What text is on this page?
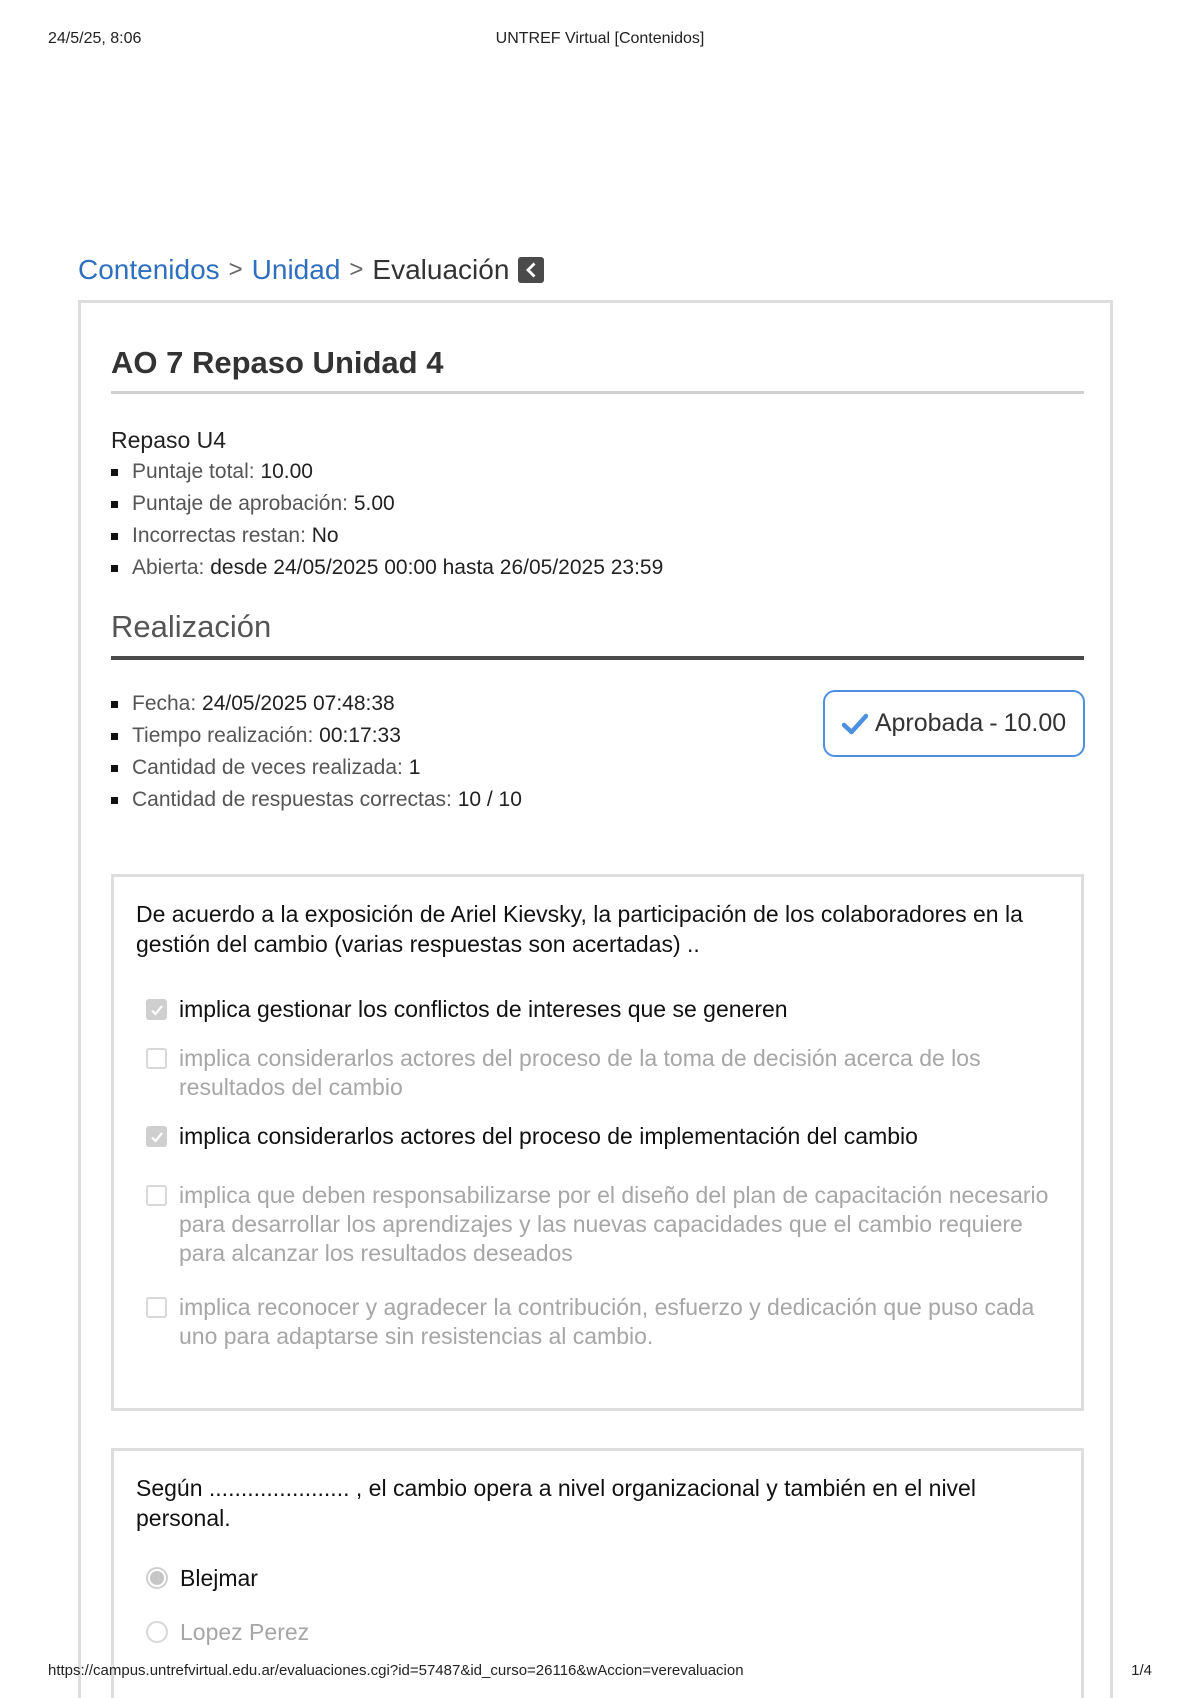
24/5/25, 8:06	UNTREF Virtual [Contenidos]
Contenidos > Unidad > Evaluación
AO 7 Repaso Unidad 4
Repaso U4
Puntaje total: 10.00
Puntaje de aprobación: 5.00
Incorrectas restan: No
Abierta: desde 24/05/2025 00:00 hasta 26/05/2025 23:59
Realización
Fecha: 24/05/2025 07:48:38
Tiempo realización: 00:17:33
Cantidad de veces realizada: 1
Cantidad de respuestas correctas: 10 / 10
Aprobada - 10.00
De acuerdo a la exposición de Ariel Kievsky, la participación de los colaboradores en la gestión del cambio (varias respuestas son acertadas) ..
implica gestionar los conflictos de intereses que se generen
implica considerarlos actores del proceso de la toma de decisión acerca de los resultados del cambio
implica considerarlos actores del proceso de implementación del cambio
implica que deben responsabilizarse por el diseño del plan de capacitación necesario para desarrollar los aprendizajes y las nuevas capacidades que el cambio requiere para alcanzar los resultados deseados
implica reconocer y agradecer la contribución, esfuerzo y dedicación que puso cada uno para adaptarse sin resistencias al cambio.
Según ...................... , el cambio opera a nivel organizacional y también en el nivel personal.
Blejmar
Lopez Perez
https://campus.untrefvirtual.edu.ar/evaluaciones.cgi?id=57487&id_curso=26116&wAccion=verevaluacion	1/4
